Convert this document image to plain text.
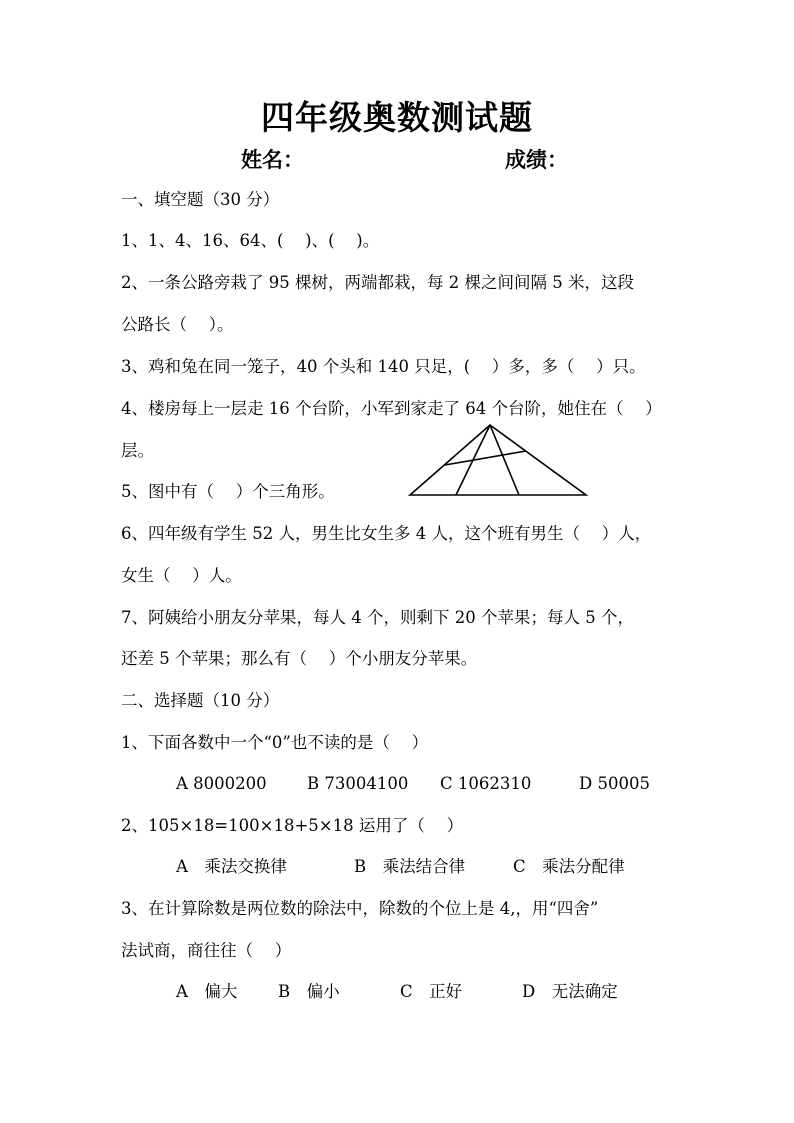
四年级奥数测试题

姓名：	成绩：

一、填空题（30 分）

1、1、4、16、64、(　 )、(　 )。

2、一条公路旁栽了 95 棵树，两端都栽，每 2 棵之间间隔 5 米，这段

公路长（　 ）。

3、鸡和兔在同一笼子，40 个头和 140 只足，(　 ）多，多（　 ）只。

4、楼房每上一层走 16 个台阶，小军到家走了 64 个台阶，她住在（　 ）

层。

5、图中有（　 ）个三角形。

6、四年级有学生 52 人，男生比女生多 4 人，这个班有男生（　 ）人，

女生（　 ）人。

7、阿姨给小朋友分苹果，每人 4 个，则剩下 20 个苹果；每人 5 个，

还差 5 个苹果；那么有（　 ）个小朋友分苹果。

二、选择题（10 分）

1、下面各数中一个“0”也不读的是（　 ）

A 8000200 B 73004100 C 1062310	D 50005

2、105×18=100×18+5×18 运用了（　 ）

A　乘法交换律	B　乘法结合律	C　乘法分配律

3、在计算除数是两位数的除法中，除数的个位上是 4,，用“四舍”

法试商，商往往（　 ）

A　偏大 B　偏小	C　正好	D　无法确定
